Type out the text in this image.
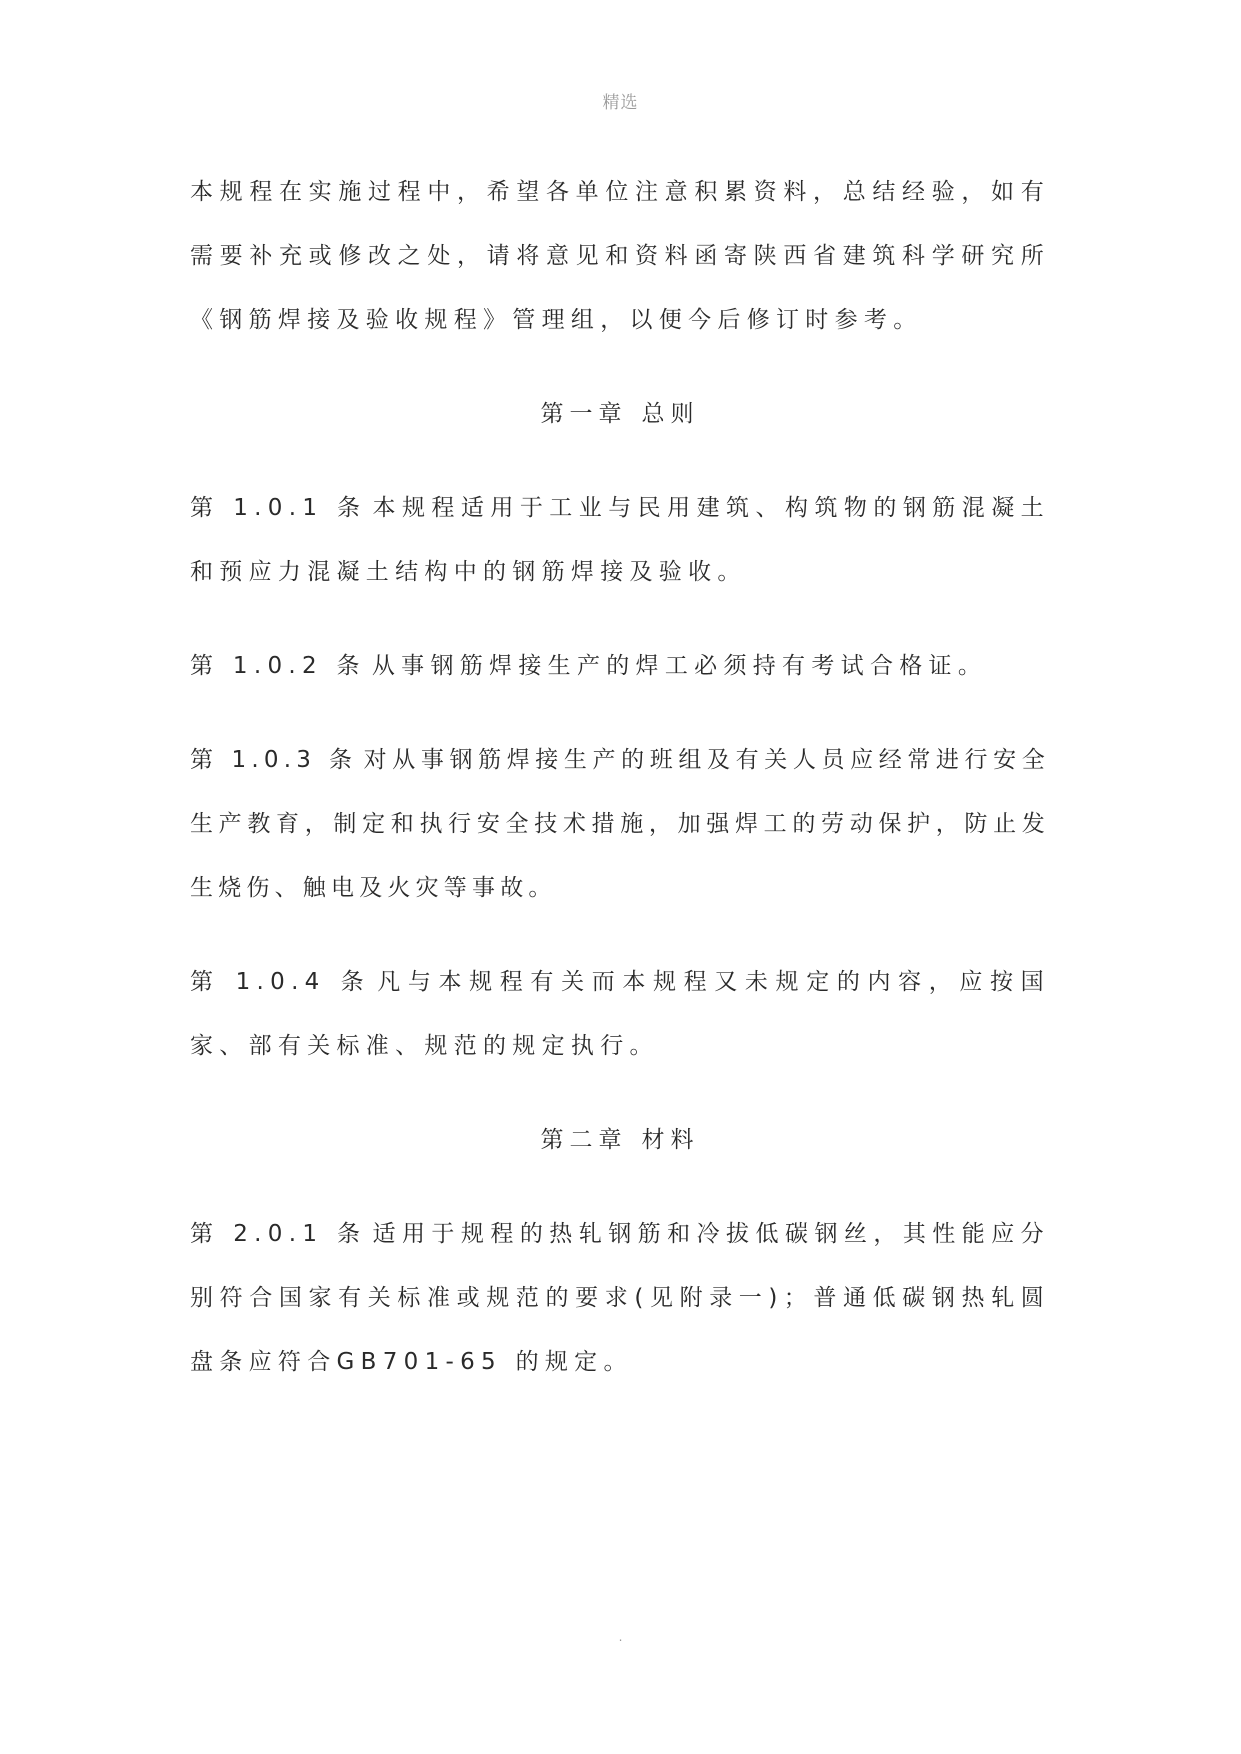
精选

本规程在实施过程中，希望各单位注意积累资料，总结经验，如有需要补充或修改之处，请将意见和资料函寄陕西省建筑科学研究所《钢筋焊接及验收规程》管理组，以便今后修订时参考。

第一章 总则

第 1.0.1 条 本规程适用于工业与民用建筑、构筑物的钢筋混凝土和预应力混凝土结构中的钢筋焊接及验收。

第 1.0.2 条 从事钢筋焊接生产的焊工必须持有考试合格证。

第 1.0.3 条 对从事钢筋焊接生产的班组及有关人员应经常进行安全生产教育，制定和执行安全技术措施，加强焊工的劳动保护，防止发生烧伤、触电及火灾等事故。

第 1.0.4 条 凡与本规程有关而本规程又未规定的内容，应按国家、部有关标准、规范的规定执行。

第二章 材料

第 2.0.1 条 适用于规程的热轧钢筋和冷拔低碳钢丝，其性能应分别符合国家有关标准或规范的要求(见附录一)；普通低碳钢热轧圆盘条应符合GB701-65 的规定。

.
